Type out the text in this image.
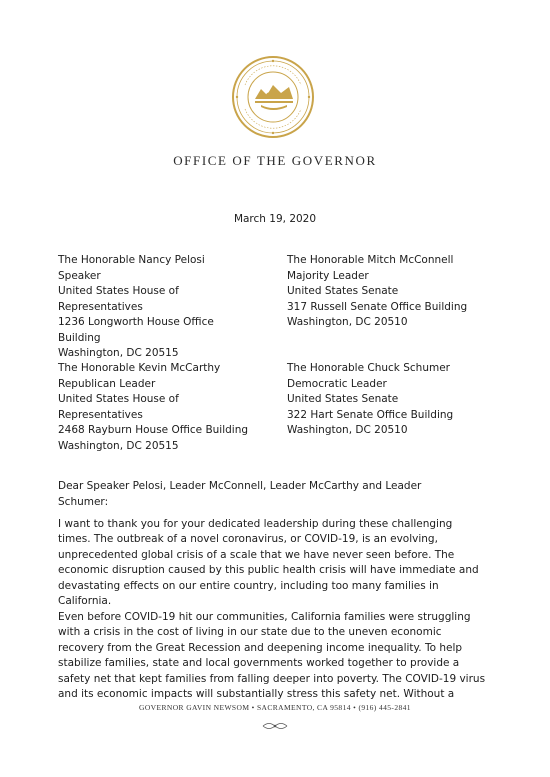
OFFICE OF THE GOVERNOR
March 19, 2020
The Honorable Nancy Pelosi
Speaker
United States House of
Representatives
1236 Longworth House Office
Building
Washington, DC 20515
The Honorable Mitch McConnell
Majority Leader
United States Senate
317 Russell Senate Office Building
Washington, DC 20510
The Honorable Kevin McCarthy
Republican Leader
United States House of
Representatives
2468 Rayburn House Office Building
Washington, DC 20515
The Honorable Chuck Schumer
Democratic Leader
United States Senate
322 Hart Senate Office Building
Washington, DC 20510
Dear Speaker Pelosi, Leader McConnell, Leader McCarthy and Leader
Schumer:
I want to thank you for your dedicated leadership during these challenging
times. The outbreak of a novel coronavirus, or COVID-19, is an evolving,
unprecedented global crisis of a scale that we have never seen before. The
economic disruption caused by this public health crisis will have immediate and
devastating effects on our entire country, including too many families in
California.
Even before COVID-19 hit our communities, California families were struggling
with a crisis in the cost of living in our state due to the uneven economic
recovery from the Great Recession and deepening income inequality. To help
stabilize families, state and local governments worked together to provide a
safety net that kept families from falling deeper into poverty. The COVID-19 virus
and its economic impacts will substantially stress this safety net. Without a
GOVERNOR GAVIN NEWSOM • SACRAMENTO, CA 95814 • (916) 445-2841
